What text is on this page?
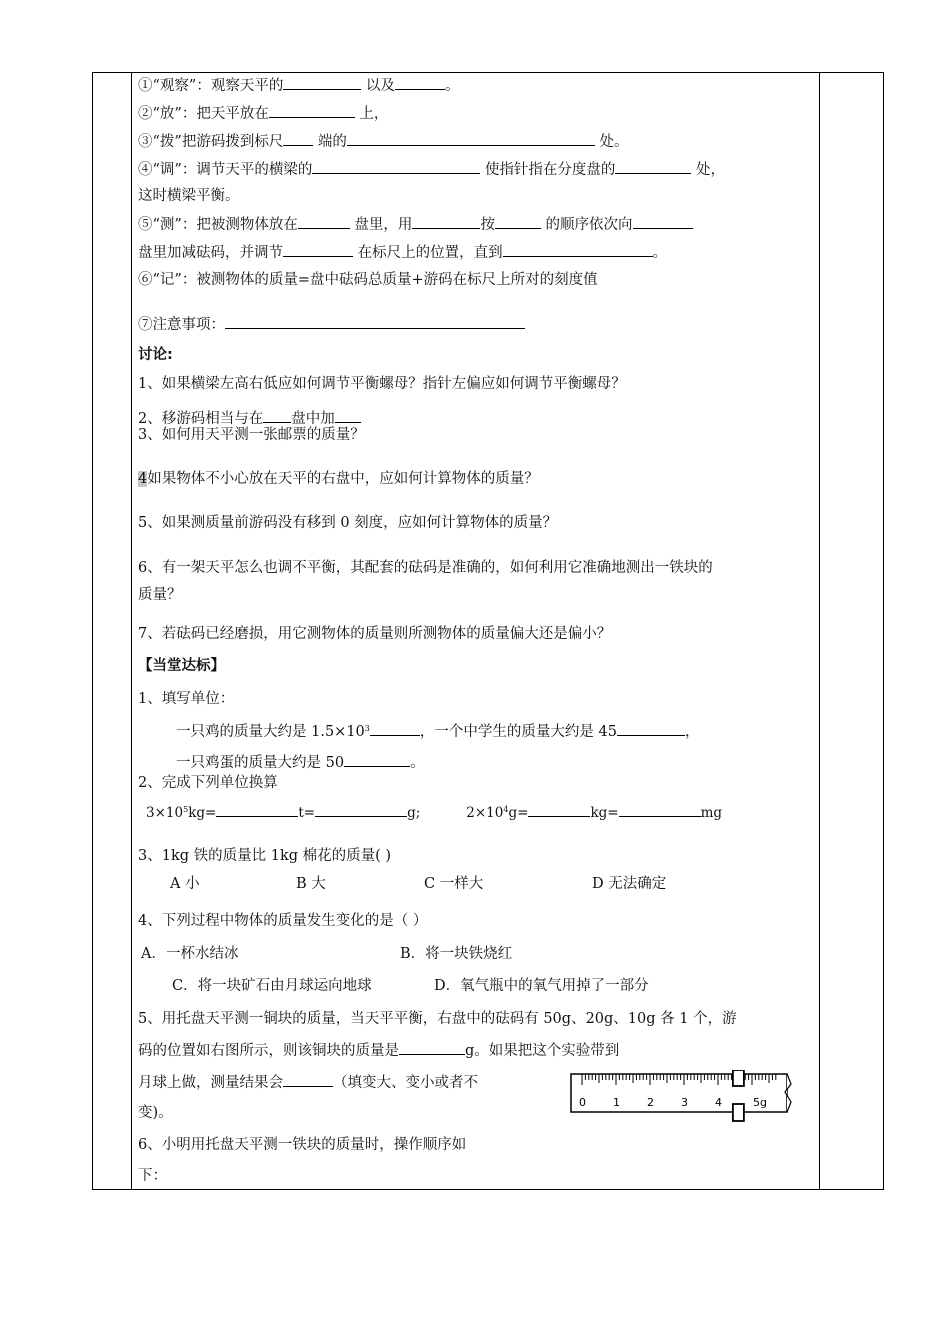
①“观察”：观察天平的	以及	。
②“放”：把天平放在	上，
③“拨”把游码拨到标尺 端的	处。
④“调”：调节天平的横梁的	使指针指在分度盘的	处，
这时横梁平衡。
⑤“测”：把被测物体放在	盘里，用	按	的顺序依次向
盘里加减砝码，并调节	在标尺上的位置，直到	。
⑥“记”：被测物体的质量=盘中砝码总质量+游码在标尺上所对的刻度值
⑦注意事项：
讨论:
1、如果横梁左高右低应如何调节平衡螺母？指针左偏应如何调节平衡螺母？
2、移游码相当与在 盘中加
3、如何用天平测一张邮票的质量？
4如果物体不小心放在天平的右盘中，应如何计算物体的质量？
5、如果测质量前游码没有移到 0 刻度，应如何计算物体的质量？
6、有一架天平怎么也调不平衡，其配套的砝码是准确的，如何利用它准确地测出一铁块的
质量？
7、若砝码已经磨损，用它测物体的质量则所测物体的质量偏大还是偏小？
【当堂达标】
1、填写单位：
一只鸡的质量大约是 $1.5\times 10^3$	，一个中学生的质量大约是 45	，
一只鸡蛋的质量大约是 50	。
2、完成下列单位换算
$3\times 10^5kg=$	t=	g;	$2\times 10^4g=$	kg=	mg
3、1kg 铁的质量比 1kg 棉花的质量( )
A 小	B 大	C 一样大	D 无法确定
4、下列过程中物体的质量发生变化的是（ ）
A．一杯水结冰	B．将一块铁烧红
C．将一块矿石由月球运向地球	D．氧气瓶中的氧气用掉了一部分
5、用托盘天平测一铜块的质量，当天平平衡，右盘中的砝码有 50g、20g、10g 各 1 个，游
码的位置如右图所示，则该铜块的质量是	g。如果把这个实验带到
月球上做，测量结果会	（填变大、变小或者不
变)。
6、小明用托盘天平测一铁块的质量时，操作顺序如
下：
0 1 2 3 4	5g
